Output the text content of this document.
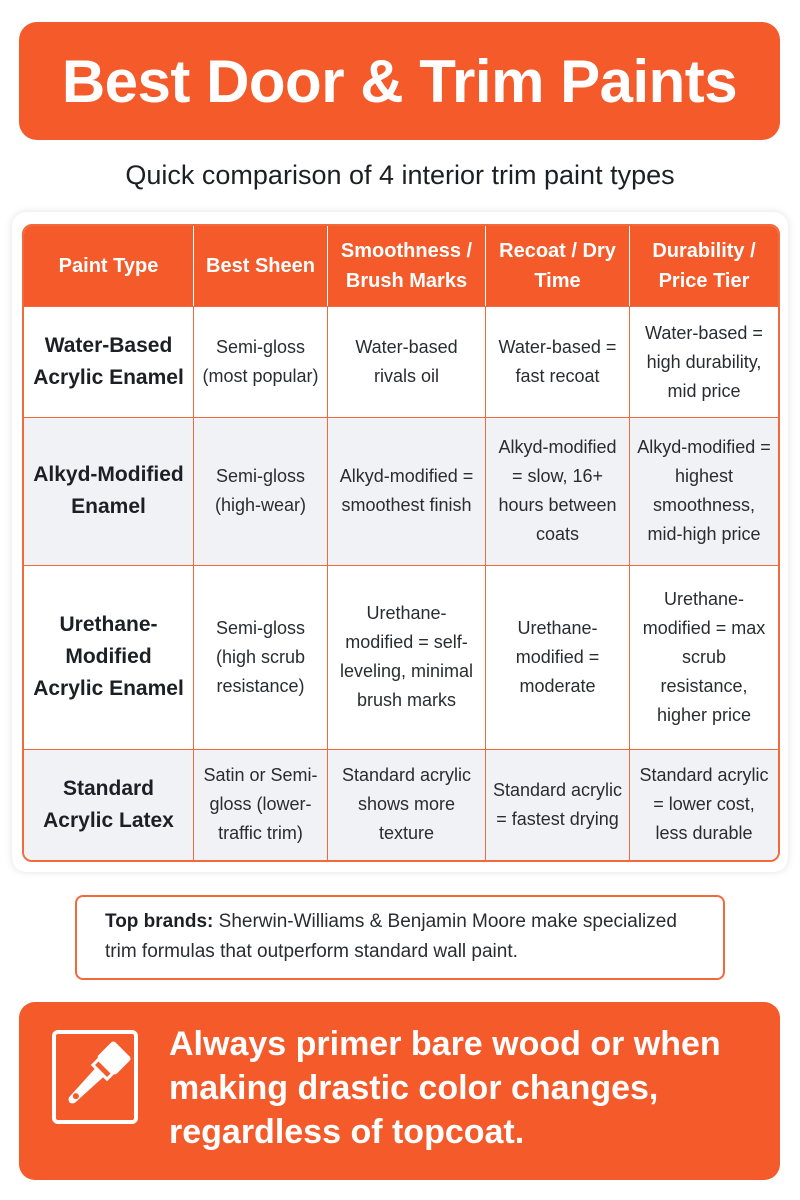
Best Door & Trim Paints

Quick comparison of 4 interior trim paint types

Paint Type	Best Sheen	Smoothness / Brush Marks	Recoat / Dry Time	Durability / Price Tier
Water-Based Acrylic Enamel	Semi-gloss (most popular)	Water-based rivals oil	Water-based = fast recoat	Water-based = high durability, mid price
Alkyd-Modified Enamel	Semi-gloss (high-wear)	Alkyd-modified = smoothest finish	Alkyd-modified = slow, 16+ hours between coats	Alkyd-modified = highest smoothness, mid-high price
Urethane-Modified Acrylic Enamel	Semi-gloss (high scrub resistance)	Urethane-modified = self-leveling, minimal brush marks	Urethane-modified = moderate	Urethane-modified = max scrub resistance, higher price
Standard Acrylic Latex	Satin or Semi-gloss (lower-traffic trim)	Standard acrylic shows more texture	Standard acrylic = fastest drying	Standard acrylic = lower cost, less durable
Top brands: Sherwin-Williams & Benjamin Moore make specialized trim formulas that outperform standard wall paint.
Always primer bare wood or when making drastic color changes, regardless of topcoat.
